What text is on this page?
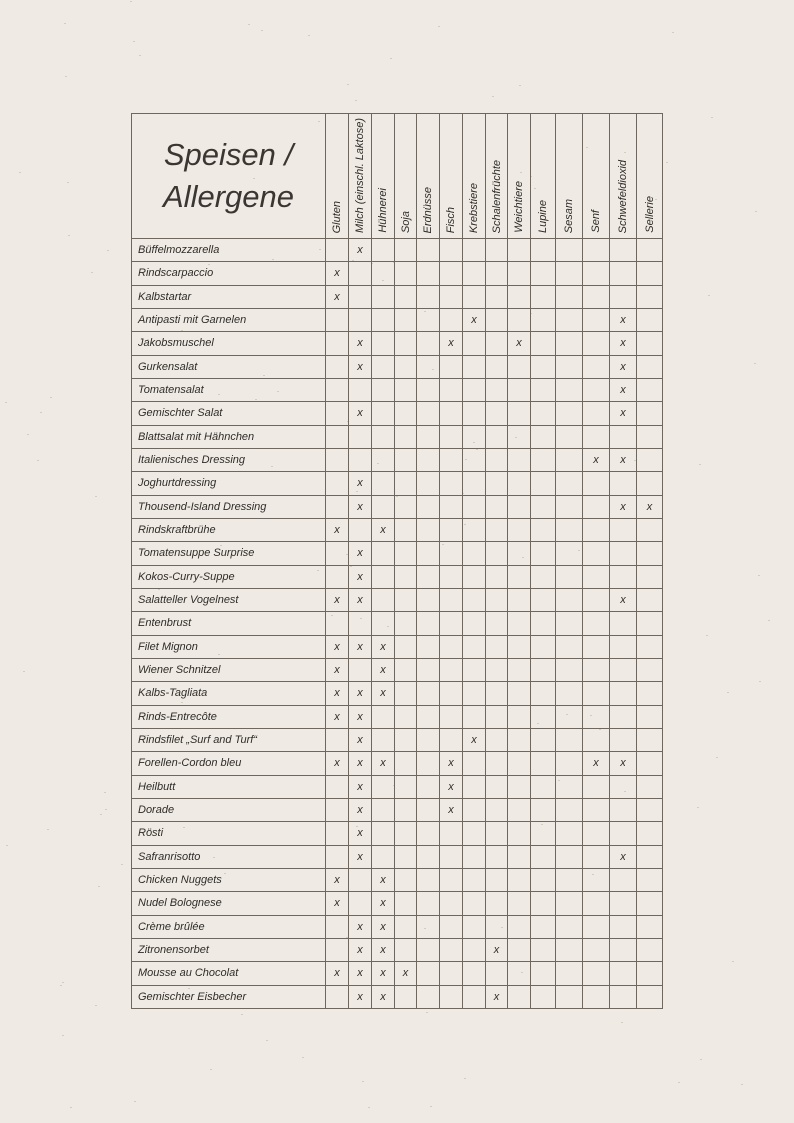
Speisen /
Allergene	Gluten	Milch (einschl. Laktose)	Hühnerei	Soja	Erdnüsse	Fisch	Krebstiere	Schalenfrüchte	Weichtiere	Lupine	Sesam	Senf	Schwefeldioxid	Sellerie

Büffelmozzarella		x												
Rindscarpaccio	x													
Kalbstartar	x													
Antipasti mit Garnelen							x						x	
Jakobsmuschel		x				x			x				x	
Gurkensalat		x											x	
Tomatensalat													x	
Gemischter Salat		x											x	
Blattsalat mit Hähnchen														
Italienisches Dressing												x	x	
Joghurtdressing		x												
Thousend-Island Dressing		x											x	x
Rindskraftbrühe	x		x											
Tomatensuppe Surprise		x												
Kokos-Curry-Suppe		x												
Salatteller Vogelnest	x	x											x	
Entenbrust														
Filet Mignon	x	x	x											
Wiener Schnitzel	x		x											
Kalbs-Tagliata	x	x	x											
Rinds-Entrecôte	x	x												
Rindsfilet „Surf and Turf“		x					x							
Forellen-Cordon bleu	x	x	x			x						x	x	
Heilbutt		x				x								
Dorade		x				x								
Rösti		x												
Safranrisotto		x											x	
Chicken Nuggets	x		x											
Nudel Bolognese	x		x											
Crème brûlée		x	x											
Zitronensorbet		x	x					x						
Mousse au Chocolat	x	x	x	x										
Gemischter Eisbecher		x	x					x						
